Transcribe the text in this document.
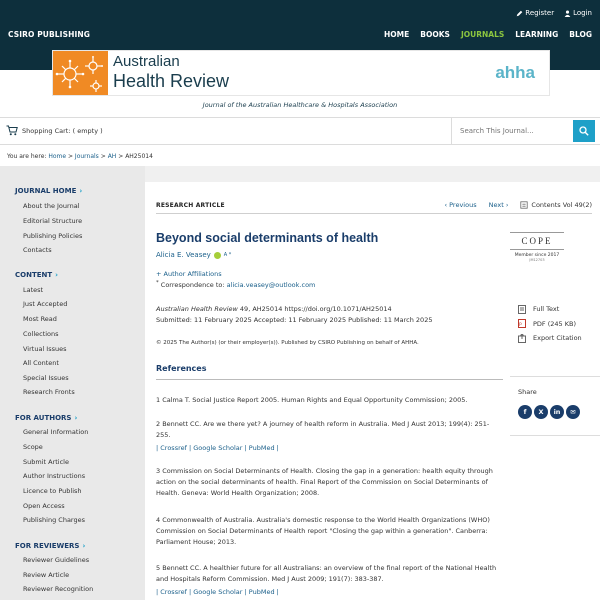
Register	Login
CSIRO PUBLISHING	HOME BOOKS JOURNALS LEARNING BLOG
Australian
Health Review	ahha
Journal of the Australian Healthcare & Hospitals Association
Shopping Cart: ( empty )
Search This Journal...
You are here: Home > Journals > AH > AH25014
JOURNAL HOME ›
About the Journal
Editorial Structure
Publishing Policies
Contacts
CONTENT ›
Latest
Just Accepted
Most Read
Collections
Virtual Issues
All Content
Special Issues
Research Fronts
FOR AUTHORS ›
General Information
Scope
Submit Article
Author Instructions
Licence to Publish
Open Access
Publishing Charges
FOR REVIEWERS ›
Reviewer Guidelines
Review Article
Reviewer Recognition
RESEARCH ARTICLE	‹ Previous Next ›	Contents Vol 49(2)
Beyond social determinants of health
Alicia E. Veasey	A *
+ Author Affiliations
* Correspondence to: alicia.veasey@outlook.com
Australian Health Review 49, AH25014 https://doi.org/10.1071/AH25014
Submitted: 11 February 2025 Accepted: 11 February 2025 Published: 11 March 2025
© 2025 The Author(s) (or their employer(s)). Published by CSIRO Publishing on behalf of AHHA.
References
1 Calma T. Social Justice Report 2005. Human Rights and Equal Opportunity Commission; 2005.
2 Bennett CC. Are we there yet? A journey of health reform in Australia. Med J Aust 2013; 199(4): 251-255.
| Crossref | Google Scholar | PubMed |
3 Commission on Social Determinants of Health. Closing the gap in a generation: health equity through action on the social determinants of health. Final Report of the Commission on Social Determinants of Health. Geneva: World Health Organization; 2008.
4 Commonwealth of Australia. Australia's domestic response to the World Health Organizations (WHO) Commission on Social Determinants of Health report "Closing the gap within a generation". Canberra: Parliament House; 2013.
5 Bennett CC. A healthier future for all Australians: an overview of the final report of the National Health and Hospitals Reform Commission. Med J Aust 2009; 191(7): 383-387.
| Crossref | Google Scholar | PubMed |
COPE
Member since 2017
JM12703
Full Text
P PDF (245 KB)
Export Citation
Share
f	X	in	✉
